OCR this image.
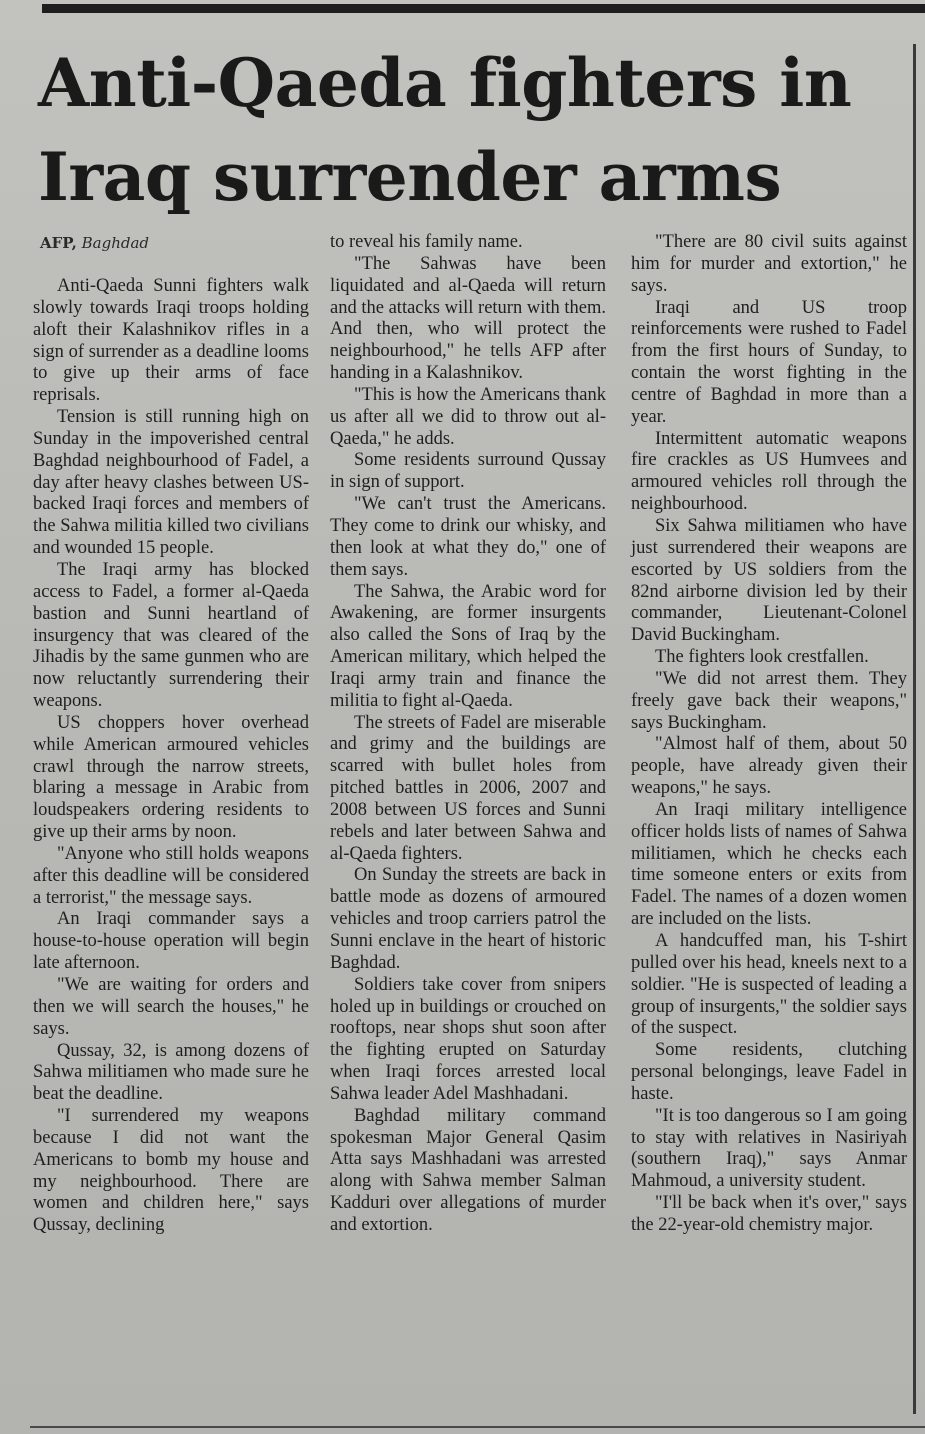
Anti-Qaeda fighters in Iraq surrender arms
AFP, Baghdad

Anti-Qaeda Sunni fighters walk slowly towards Iraqi troops holding aloft their Kalashnikov rifles in a sign of surrender as a deadline looms to give up their arms of face reprisals.

Tension is still running high on Sunday in the impoverished central Baghdad neighbourhood of Fadel, a day after heavy clashes between US-backed Iraqi forces and members of the Sahwa militia killed two civilians and wounded 15 people.

The Iraqi army has blocked access to Fadel, a former al-Qaeda bastion and Sunni heartland of insurgency that was cleared of the Jihadis by the same gunmen who are now reluctantly surrendering their weapons.

US choppers hover overhead while American armoured vehicles crawl through the narrow streets, blaring a message in Arabic from loudspeakers ordering residents to give up their arms by noon.

"Anyone who still holds weapons after this deadline will be considered a terrorist," the message says.

An Iraqi commander says a house-to-house operation will begin late afternoon.

"We are waiting for orders and then we will search the houses," he says.

Qussay, 32, is among dozens of Sahwa militiamen who made sure he beat the deadline.

"I surrendered my weapons because I did not want the Americans to bomb my house and my neighbourhood. There are women and children here," says Qussay, declining

to reveal his family name.

"The Sahwas have been liquidated and al-Qaeda will return and the attacks will return with them. And then, who will protect the neighbourhood," he tells AFP after handing in a Kalashnikov.

"This is how the Americans thank us after all we did to throw out al-Qaeda," he adds.

Some residents surround Qussay in sign of support.

"We can't trust the Americans. They come to drink our whisky, and then look at what they do," one of them says.

The Sahwa, the Arabic word for Awakening, are former insurgents also called the Sons of Iraq by the American military, which helped the Iraqi army train and finance the militia to fight al-Qaeda.

The streets of Fadel are miserable and grimy and the buildings are scarred with bullet holes from pitched battles in 2006, 2007 and 2008 between US forces and Sunni rebels and later between Sahwa and al-Qaeda fighters.

On Sunday the streets are back in battle mode as dozens of armoured vehicles and troop carriers patrol the Sunni enclave in the heart of historic Baghdad.

Soldiers take cover from snipers holed up in buildings or crouched on rooftops, near shops shut soon after the fighting erupted on Saturday when Iraqi forces arrested local Sahwa leader Adel Mashhadani.

Baghdad military command spokesman Major General Qasim Atta says Mashhadani was arrested along with Sahwa member Salman Kadduri over allegations of murder and extortion.

"There are 80 civil suits against him for murder and extortion," he says.

Iraqi and US troop reinforcements were rushed to Fadel from the first hours of Sunday, to contain the worst fighting in the centre of Baghdad in more than a year.

Intermittent automatic weapons fire crackles as US Humvees and armoured vehicles roll through the neighbourhood.

Six Sahwa militiamen who have just surrendered their weapons are escorted by US soldiers from the 82nd airborne division led by their commander, Lieutenant-Colonel David Buckingham.

The fighters look crestfallen.

"We did not arrest them. They freely gave back their weapons," says Buckingham.

"Almost half of them, about 50 people, have already given their weapons," he says.

An Iraqi military intelligence officer holds lists of names of Sahwa militiamen, which he checks each time someone enters or exits from Fadel. The names of a dozen women are included on the lists.

A handcuffed man, his T-shirt pulled over his head, kneels next to a soldier. "He is suspected of leading a group of insurgents," the soldier says of the suspect.

Some residents, clutching personal belongings, leave Fadel in haste.

"It is too dangerous so I am going to stay with relatives in Nasiriyah (southern Iraq)," says Anmar Mahmoud, a university student.

"I'll be back when it's over," says the 22-year-old chemistry major.
